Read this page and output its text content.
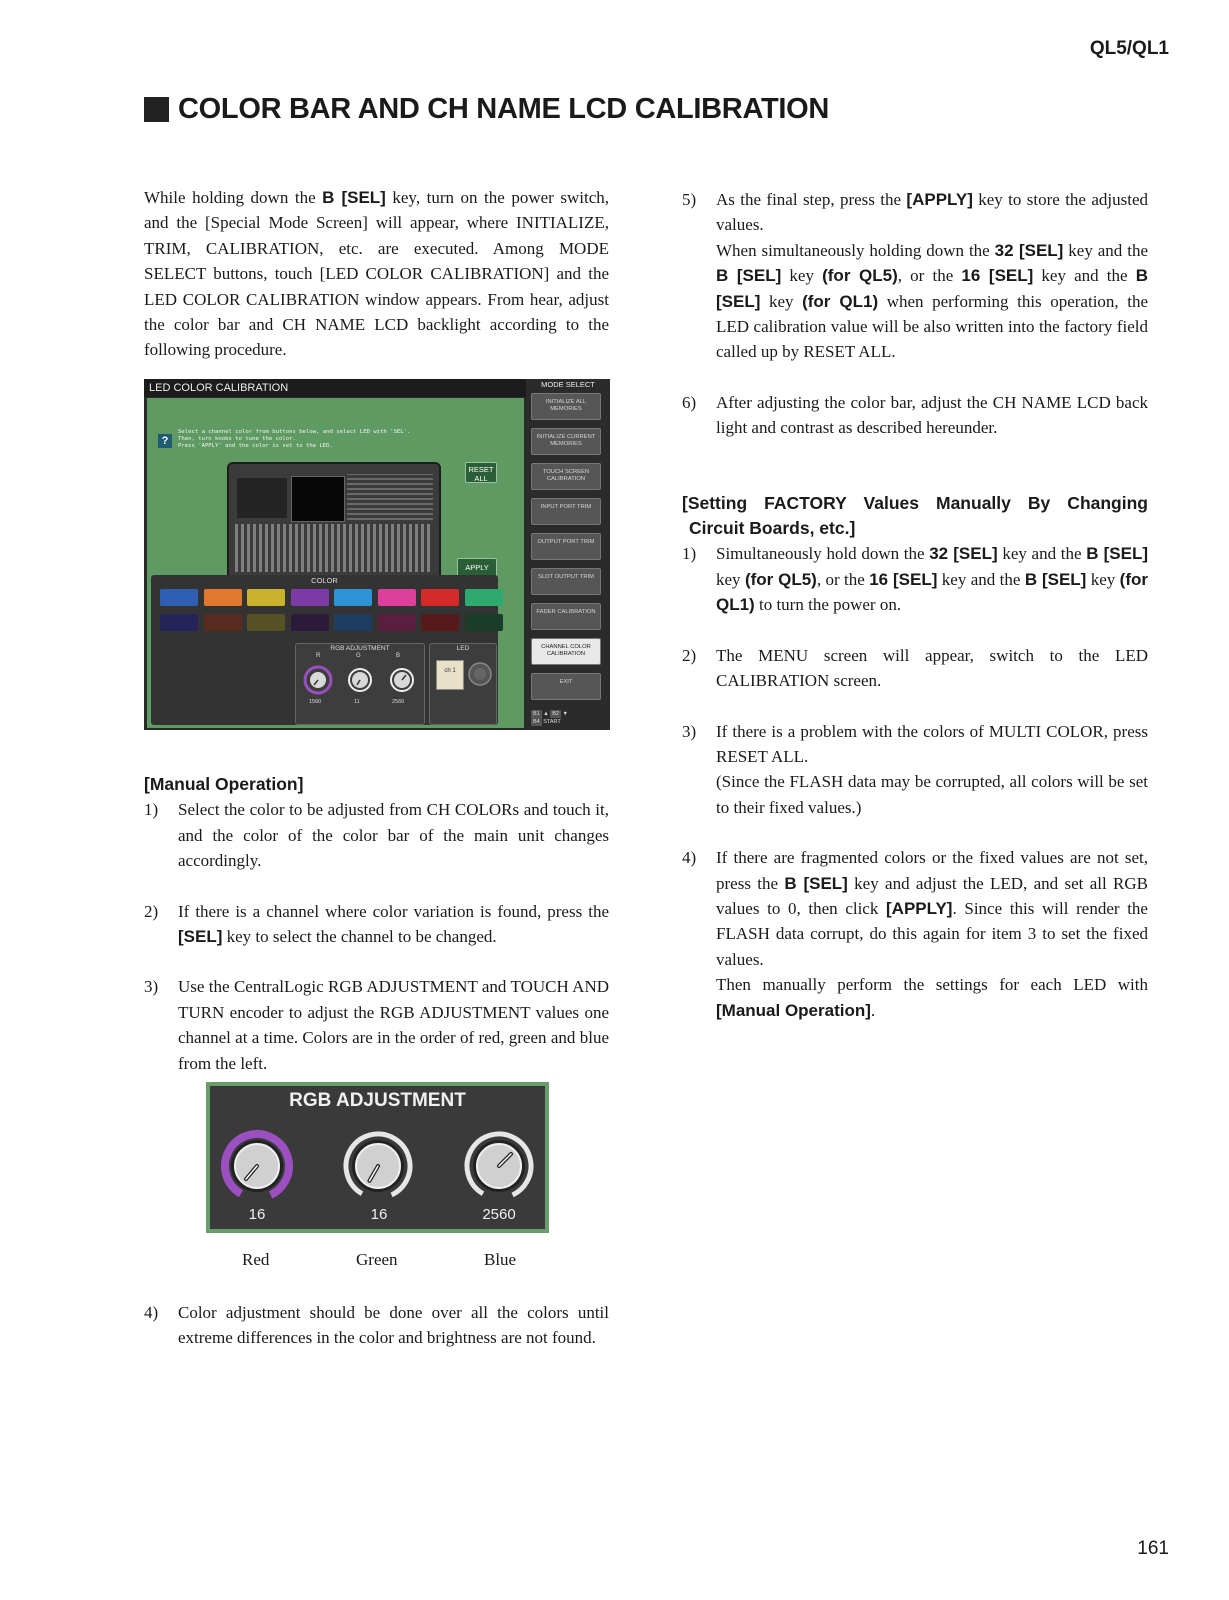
QL5/QL1
COLOR BAR AND CH NAME LCD CALIBRATION

While holding down the B [SEL] key, turn on the power switch, and the [Special Mode Screen] will appear, where INITIALIZE, TRIM, CALIBRATION, etc. are executed. Among MODE SELECT buttons, touch [LED COLOR CALIBRATION] and the LED COLOR CALIBRATION window appears. From hear, adjust the color bar and CH NAME LCD backlight according to the following procedure.

LED COLOR CALIBRATION
?
Select a channel color from buttons below, and select LED with 'SEL'.
Then, turn knobs to tune the color.
Press 'APPLY' and the color is set to the LED.
RESET ALL
APPLY
COLOR
RGB ADJUSTMENT
R	G	B
1560	11	2560
LED
ch 1
MODE SELECT
INITIALIZE ALL MEMORIES
INITIALIZE CURRENT MEMORIES
TOUCH SCREEN CALIBRATION
INPUT PORT TRIM
OUTPUT PORT TRIM
SLOT OUTPUT TRIM
FADER CALIBRATION
CHANNEL COLOR CALIBRATION
EXIT
B1 ▲ B2 ▼
B4 START

[Manual Operation]

1)	Select the color to be adjusted from CH COLORs and touch it, and the color of the color bar of the main unit changes accordingly.
2)	If there is a channel where color variation is found, press the [SEL] key to select the channel to be changed.
3)	Use the CentralLogic RGB ADJUSTMENT and TOUCH AND TURN encoder to adjust the RGB ADJUSTMENT values one channel at a time. Colors are in the order of red, green and blue from the left.
RGB ADJUSTMENT
16	16	2560
Red	Green	Blue
4)	Color adjustment should be done over all the colors until extreme differences in the color and brightness are not found.
5)	As the final step, press the [APPLY] key to store the adjusted values.
When simultaneously holding down the 32 [SEL] key and the B [SEL] key (for QL5), or the 16 [SEL] key and the B [SEL] key (for QL1) when performing this operation, the LED calibration value will be also written into the factory field called up by RESET ALL.
6)	After adjusting the color bar, adjust the CH NAME LCD back light and contrast as described hereunder.

[Setting FACTORY Values Manually By Changing

Circuit Boards, etc.]

1)	Simultaneously hold down the 32 [SEL] key and the B [SEL] key (for QL5), or the 16 [SEL] key and the B [SEL] key (for QL1) to turn the power on.
2)	The MENU screen will appear, switch to the LED CALIBRATION screen.
3)	If there is a problem with the colors of MULTI COLOR, press RESET ALL.
(Since the FLASH data may be corrupted, all colors will be set to their fixed values.)
4)	If there are fragmented colors or the fixed values are not set, press the B [SEL] key and adjust the LED, and set all RGB values to 0, then click [APPLY]. Since this will render the FLASH data corrupt, do this again for item 3 to set the fixed values.
Then manually perform the settings for each LED with [Manual Operation].
161
